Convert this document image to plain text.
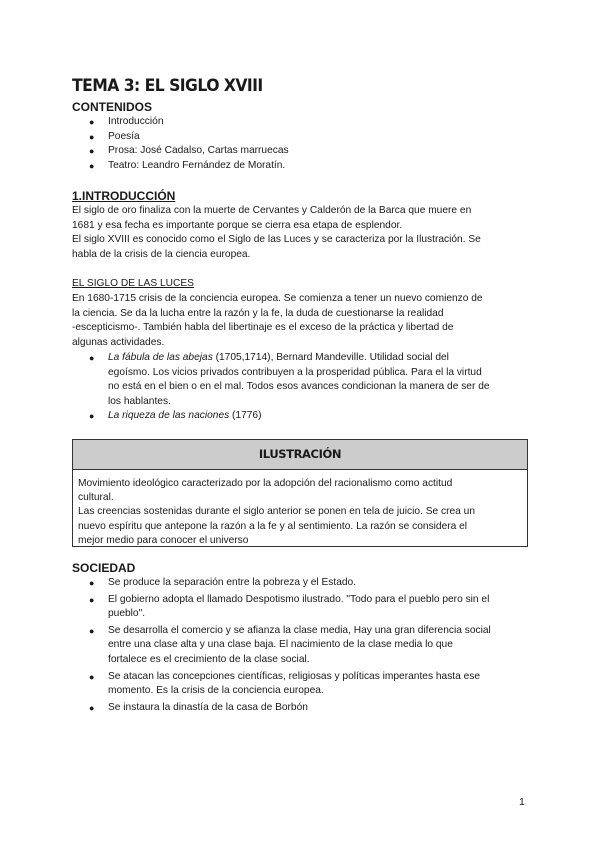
TEMA 3: EL SIGLO XVIII
CONTENIDOS
● Introducción
● Poesía
● Prosa: José Cadalso, Cartas marruecas
● Teatro: Leandro Fernández de Moratín.
1.INTRODUCCIÓN
El siglo de oro finaliza con la muerte de Cervantes y Calderón de la Barca que muere en
1681 y esa fecha es importante porque se cierra esa etapa de esplendor.
El siglo XVIII es conocido como el Siglo de las Luces y se caracteriza por la Ilustración. Se
habla de la crisis de la ciencia europea.
EL SIGLO DE LAS LUCES
En 1680-1715 crisis de la conciencia europea. Se comienza a tener un nuevo comienzo de
la ciencia. Se da la lucha entre la razón y la fe, la duda de cuestionarse la realidad
-escepticismo-. También habla del libertinaje es el exceso de la práctica y libertad de
algunas actividades.
● La fábula de las abejas (1705,1714), Bernard Mandeville. Utilidad social del
egoísmo. Los vicios privados contribuyen a la prosperidad pública. Para el la virtud
no está en el bien o en el mal. Todos esos avances condicionan la manera de ser de
los hablantes.
● La riqueza de las naciones (1776)
ILUSTRACIÓN
Movimiento ideológico caracterizado por la adopción del racionalismo como actitud
cultural.
Las creencias sostenidas durante el siglo anterior se ponen en tela de juicio. Se crea un
nuevo espíritu que antepone la razón a la fe y al sentimiento. La razón se considera el
mejor medio para conocer el universo
SOCIEDAD
● Se produce la separación entre la pobreza y el Estado.
● El gobierno adopta el llamado Despotismo ilustrado. "Todo para el pueblo pero sin el
pueblo".
● Se desarrolla el comercio y se afianza la clase media, Hay una gran diferencia social
entre una clase alta y una clase baja. El nacimiento de la clase media lo que
fortalece es el crecimiento de la clase social.
● Se atacan las concepciones científicas, religiosas y políticas imperantes hasta ese
momento. Es la crisis de la conciencia europea.
● Se instaura la dinastía de la casa de Borbón
1
